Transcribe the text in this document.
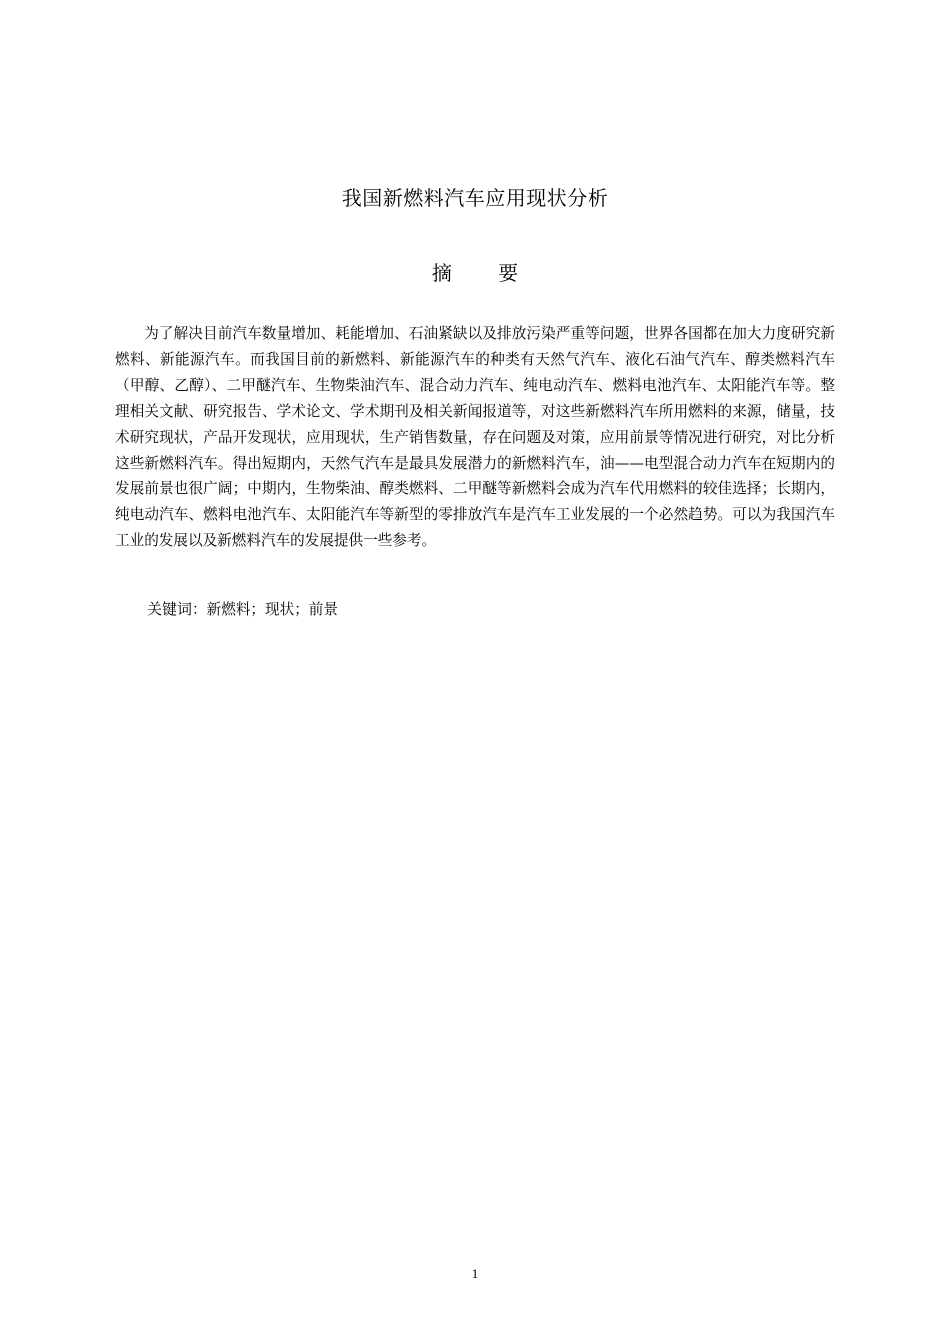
我国新燃料汽车应用现状分析
摘 要

为了解决目前汽车数量增加、耗能增加、石油紧缺以及排放污染严重等问题，世界各国都在加大力度研究新燃料、新能源汽车。而我国目前的新燃料、新能源汽车的种类有天然气汽车、液化石油气汽车、醇类燃料汽车（甲醇、乙醇）、二甲醚汽车、生物柴油汽车、混合动力汽车、纯电动汽车、燃料电池汽车、太阳能汽车等。整理相关文献、研究报告、学术论文、学术期刊及相关新闻报道等，对这些新燃料汽车所用燃料的来源，储量，技术研究现状，产品开发现状，应用现状，生产销售数量，存在问题及对策，应用前景等情况进行研究，对比分析这些新燃料汽车。得出短期内，天然气汽车是最具发展潜力的新燃料汽车，油——电型混合动力汽车在短期内的发展前景也很广阔；中期内，生物柴油、醇类燃料、二甲醚等新燃料会成为汽车代用燃料的较佳选择；长期内，纯电动汽车、燃料电池汽车、太阳能汽车等新型的零排放汽车是汽车工业发展的一个必然趋势。可以为我国汽车工业的发展以及新燃料汽车的发展提供一些参考。

关键词：新燃料；现状；前景
1
